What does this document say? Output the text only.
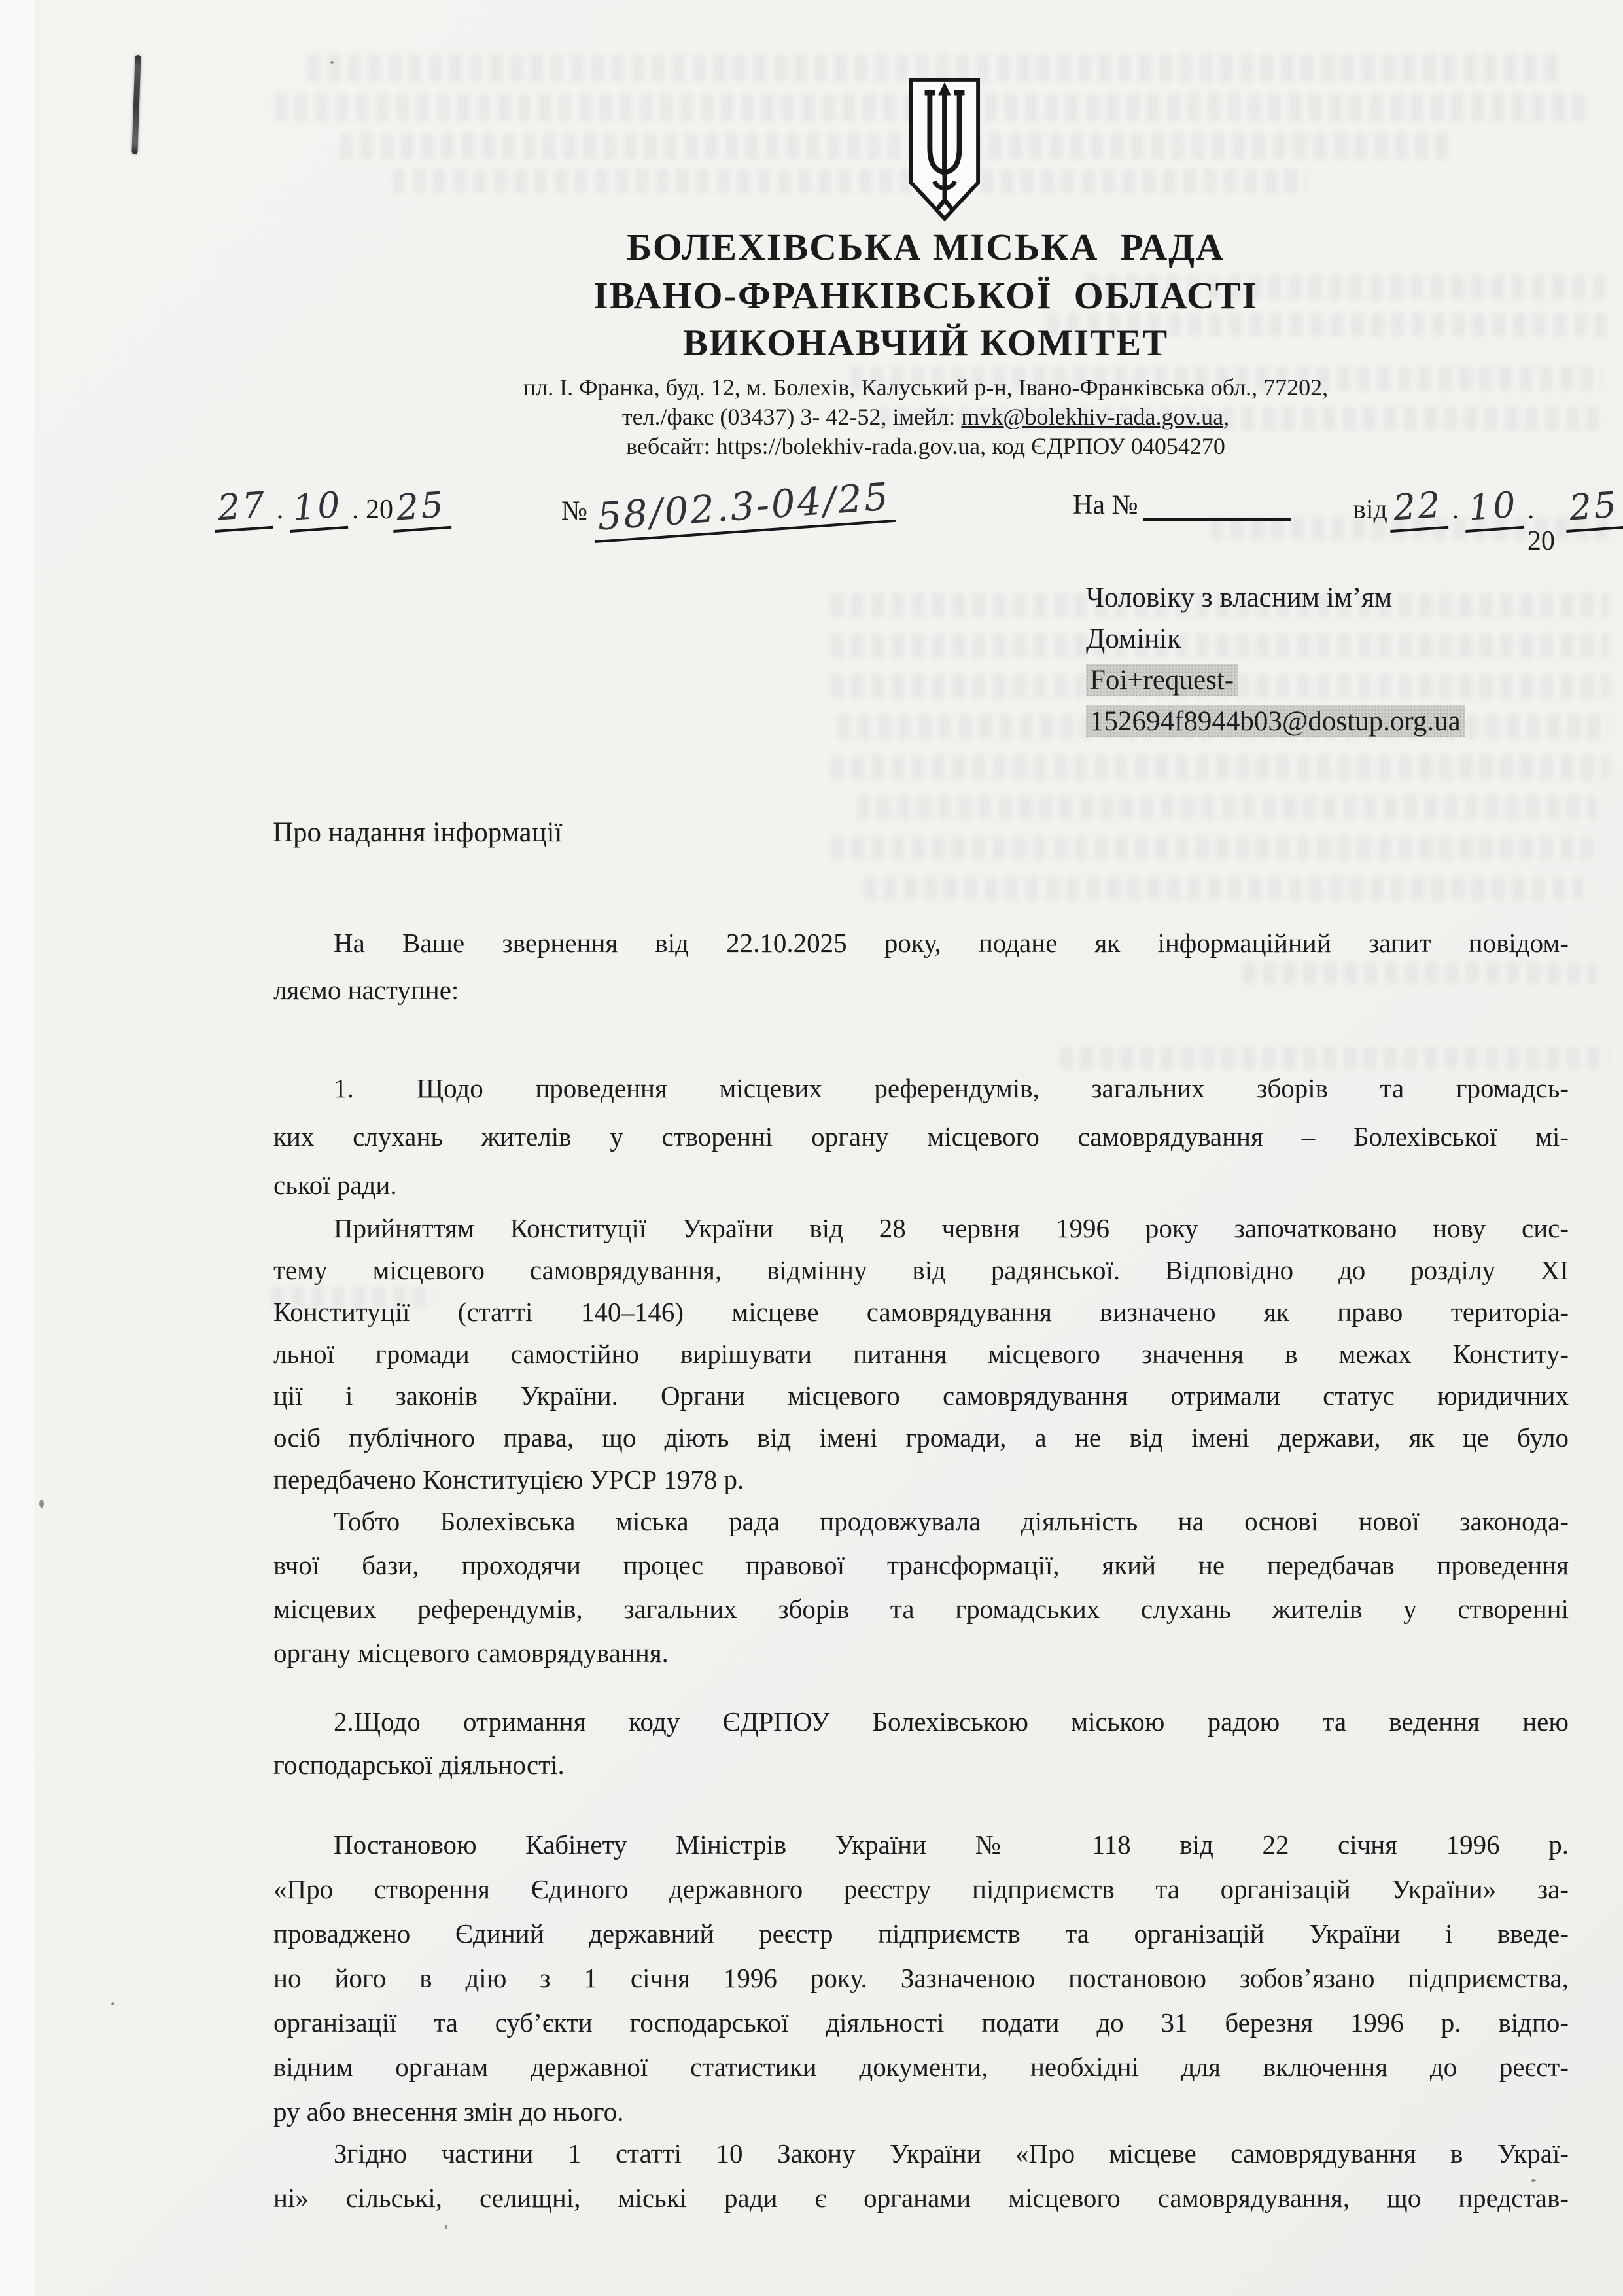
БОЛЕХІВСЬКА МІСЬКА  РАДА
ІВАНО-ФРАНКІВСЬКОЇ  ОБЛАСТІ
ВИКОНАВЧИЙ КОМІТЕТ
пл. І. Франка, буд. 12, м. Болехів, Калуський р-н, Івано-Франківська обл., 77202,
тел./факс (03437) 3- 42-52, імейл: mvk@bolekhiv-rada.gov.ua,
вебсайт: https://bolekhiv-rada.gov.ua, код ЄДРПОУ 04054270
27 . 10 . 20 25	№ 58/02.3-04/25	На №	від 22 . 10 . 20
25
Чоловіку з власним ім’ям
Домінік
Foi+request-
152694f8944b03@dostup.org.ua
Про надання інформації
На Ваше звернення від 22.10.2025 року, подане як інформаційний запит повідом-
ляємо наступне:
1. Щодо проведення місцевих референдумів, загальних зборів та громадсь-
ких слухань жителів у створенні органу місцевого самоврядування – Болехівської мі-
ської ради.
Прийняттям Конституції України від 28 червня 1996 року започатковано нову сис-
тему місцевого самоврядування, відмінну від радянської. Відповідно до розділу XI
Конституції (статті 140–146) місцеве самоврядування визначено як право територіа-
льної громади самостійно вирішувати питання місцевого значення в межах Конститу-
ції і законів України. Органи місцевого самоврядування отримали статус юридичних
осіб публічного права, що діють від імені громади, а не від імені держави, як це було
передбачено Конституцією УРСР 1978 р.
Тобто Болехівська міська рада продовжувала діяльність на основі нової законода-
вчої бази, проходячи процес правової трансформації, який не передбачав проведення
місцевих референдумів, загальних зборів та громадських слухань жителів у створенні
органу місцевого самоврядування.
2.Щодо отримання коду ЄДРПОУ Болехівською міською радою та ведення нею
господарської діяльності.
Постановою Кабінету Міністрів України № 118 від 22 січня 1996 р.
«Про створення Єдиного державного реєстру підприємств та організацій України» за-
проваджено Єдиний державний реєстр підприємств та організацій України і введе-
но його в дію з 1 січня 1996 року. Зазначеною постановою зобов’язано підприємства,
організації та суб’єкти господарської діяльності подати до 31 березня 1996 р. відпо-
відним органам державної статистики документи, необхідні для включення до реєст-
ру або внесення змін до нього.
Згідно частини 1 статті 10 Закону України «Про місцеве самоврядування в Украї-
ні» сільські, селищні, міські ради є органами місцевого самоврядування, що представ-
